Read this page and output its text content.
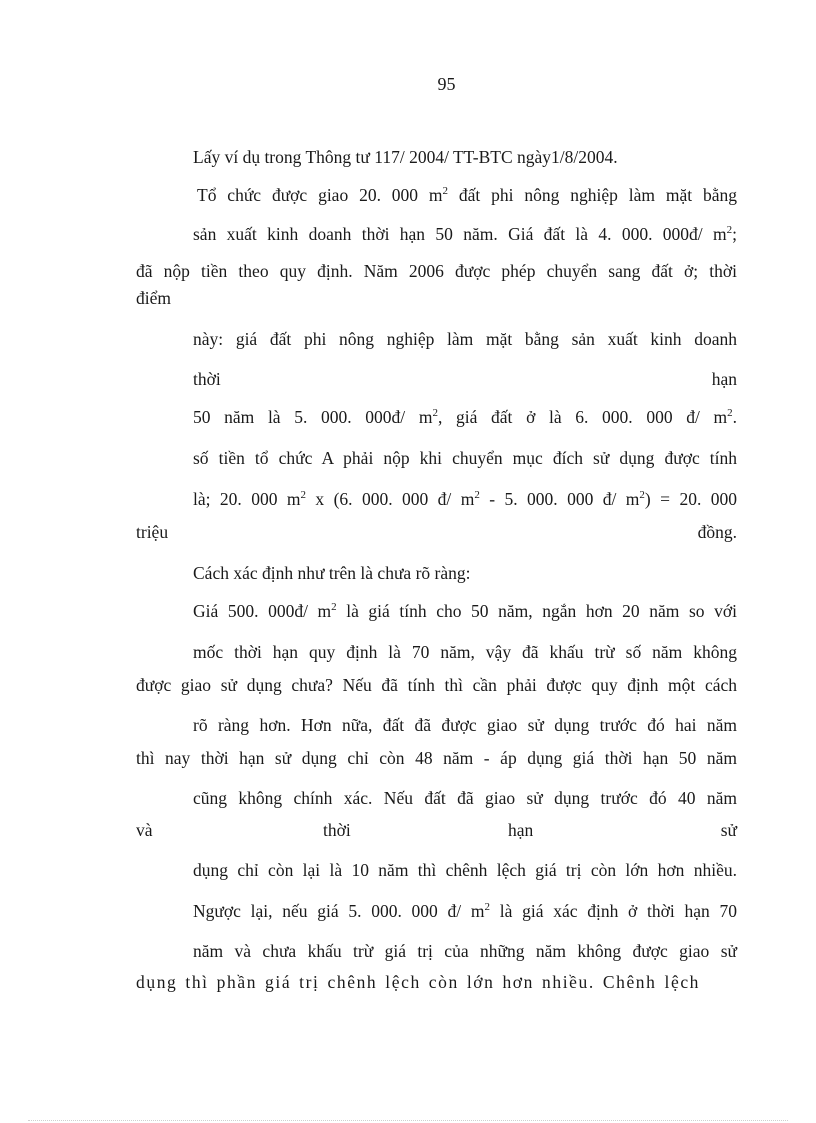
95
Lấy ví dụ trong Thông tư 117/ 2004/ TT-BTC ngày1/8/2004.
Tổ chức được giao 20. 000 $m^2$ đất phi nông nghiệp làm mặt bằng
sản xuất kinh doanh thời hạn 50 năm. Giá đất là 4. 000. 000đ/ $m^2$;
đã nộp tiền theo quy định. Năm 2006 được phép chuyển sang đất ở; thời
điểm
này: giá đất phi nông nghiệp làm mặt bằng sản xuất kinh doanh
thời	hạn
50 năm là 5. 000. 000đ/ $m^2$, giá đất ở là 6. 000. 000 đ/ $m^2$.
số tiền tổ chức A phải nộp khi chuyển mục đích sử dụng được tính
là; 20. 000 $m^2$ x (6. 000. 000 đ/ $m^2 - 5$. 000. 000 đ/ $m^2) = 20$. 000
triệu	đồng.
Cách xác định như trên là chưa rõ ràng:
Giá 500. 000đ/ $m^2$ là giá tính cho 50 năm, ngắn hơn 20 năm so với
mốc thời hạn quy định là 70 năm, vậy đã khấu trừ số năm không
được giao sử dụng chưa? Nếu đã tính thì cần phải được quy định một cách
rõ ràng hơn. Hơn nữa, đất đã được giao sử dụng trước đó hai năm
thì nay thời hạn sử dụng chỉ còn 48 năm - áp dụng giá thời hạn 50 năm
cũng không chính xác. Nếu đất đã giao sử dụng trước đó 40 năm
và	thời	hạn	sử
dụng chỉ còn lại là 10 năm thì chênh lệch giá trị còn lớn hơn nhiều.
Ngược lại, nếu giá 5. 000. 000 đ/ $m^2$ là giá xác định ở thời hạn 70
năm và chưa khấu trừ giá trị của những năm không được giao sử
dụng thì phần giá trị chênh lệch còn lớn hơn nhiều. Chênh lệch
